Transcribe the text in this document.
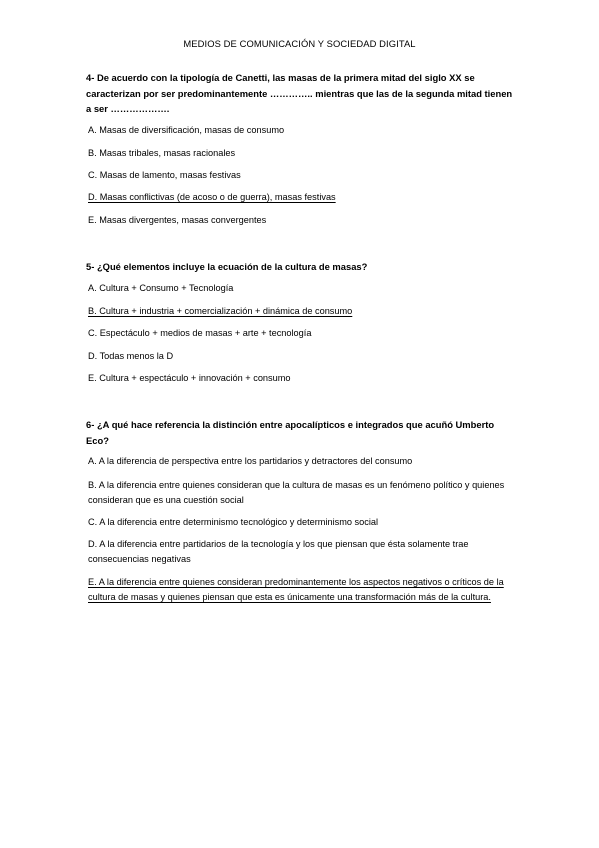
MEDIOS DE COMUNICACIÓN Y SOCIEDAD DIGITAL
4- De acuerdo con la tipología de Canetti, las masas de la primera mitad del siglo XX se caracterizan por ser predominantemente ………….. mientras que las de la segunda mitad tienen a ser ……………….
A. Masas de diversificación, masas de consumo
B. Masas tribales, masas racionales
C. Masas de lamento, masas festivas
D. Masas conflictivas (de acoso o de guerra), masas festivas
E. Masas divergentes, masas convergentes
5- ¿Qué elementos incluye la ecuación de la cultura de masas?
A. Cultura + Consumo + Tecnología
B. Cultura + industria + comercialización + dinámica de consumo
C. Espectáculo + medios de masas + arte + tecnología
D. Todas menos la D
E. Cultura + espectáculo + innovación + consumo
6- ¿A qué hace referencia la distinción entre apocalípticos e integrados que acuñó Umberto Eco?
A. A la diferencia de perspectiva entre los partidarios y detractores del consumo
B. A la diferencia entre quienes consideran que la cultura de masas es un fenómeno político y quienes consideran que es una cuestión social
C. A la diferencia entre determinismo tecnológico y determinismo social
D. A la diferencia entre partidarios de la tecnología y los que piensan que ésta solamente trae consecuencias negativas
E. A la diferencia entre quienes consideran predominantemente los aspectos negativos o críticos de la cultura de masas y quienes piensan que esta es únicamente una transformación más de la cultura.
